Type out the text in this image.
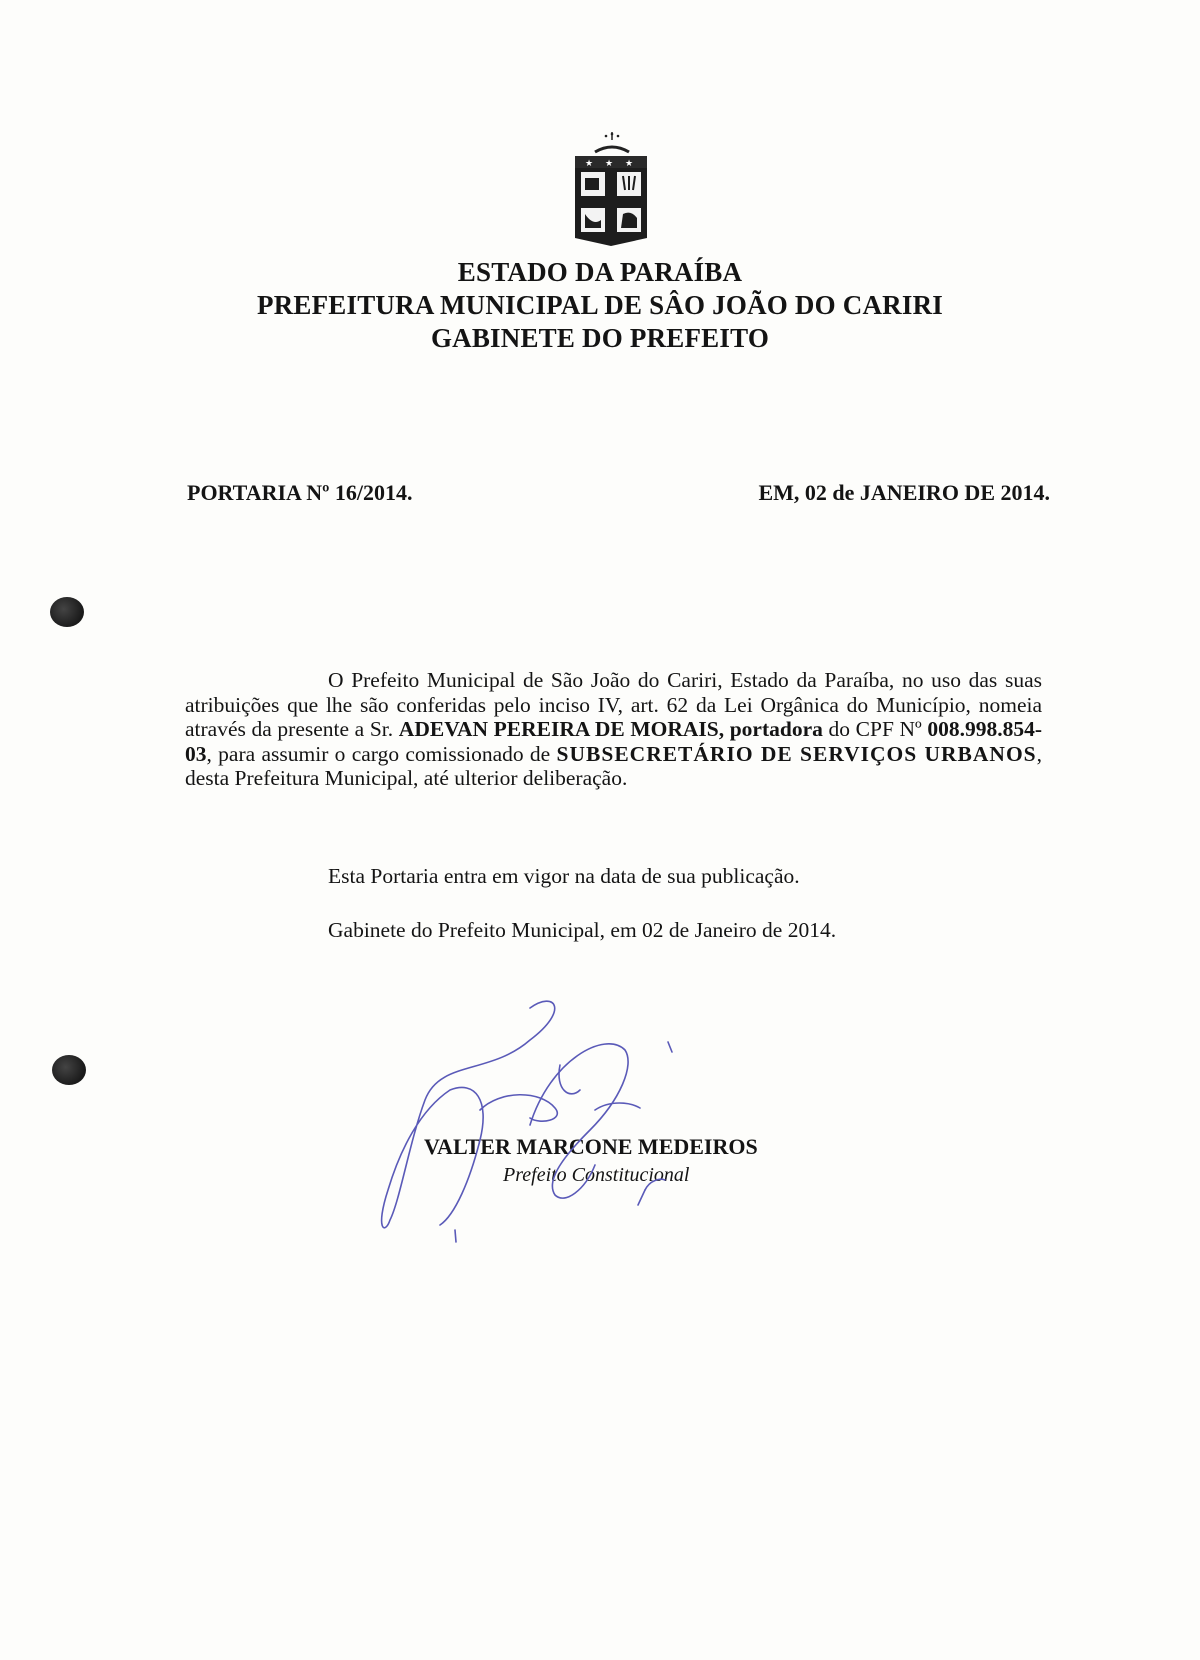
★ ★ ★
ESTADO DA PARAÍBA
PREFEITURA MUNICIPAL DE SÂO JOÃO DO CARIRI
GABINETE DO PREFEITO
PORTARIA Nº 16/2014.	EM, 02 de JANEIRO DE 2014.
O Prefeito Municipal de São João do Cariri, Estado da Paraíba, no uso das suas atribuições que lhe são conferidas pelo inciso IV, art. 62 da Lei Orgânica do Município, nomeia através da presente a Sr. ADEVAN PEREIRA DE MORAIS, portadora do CPF Nº 008.998.854-03, para assumir o cargo comissionado de SUBSECRETÁRIO DE SERVIÇOS URBANOS, desta Prefeitura Municipal, até ulterior deliberação.
Esta Portaria entra em vigor na data de sua publicação.
Gabinete do Prefeito Municipal, em 02 de Janeiro de 2014.
VALTER MARCONE MEDEIROS
Prefeito Constitucional
